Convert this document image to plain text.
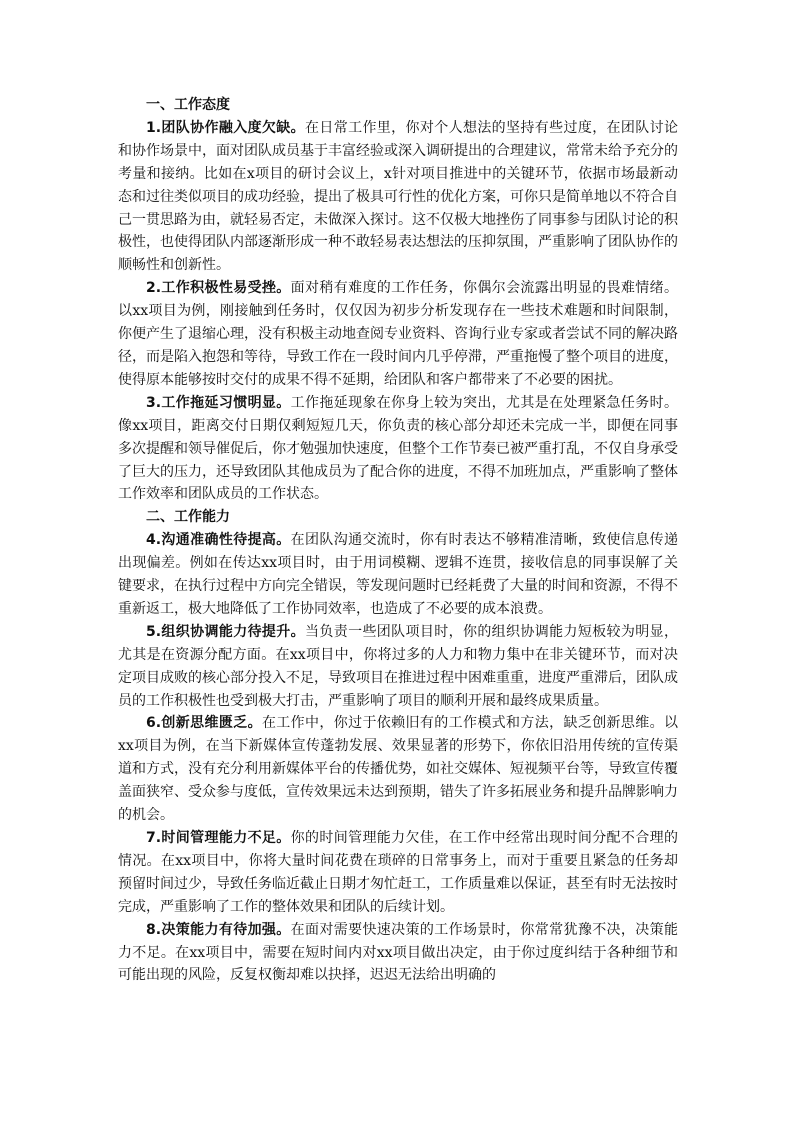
一、工作态度

1.团队协作融入度欠缺。在日常工作里，你对个人想法的坚持有些过度，在团队讨论和协作场景中，面对团队成员基于丰富经验或深入调研提出的合理建议，常常未给予充分的考量和接纳。比如在x项目的研讨会议上，x针对项目推进中的关键环节，依据市场最新动态和过往类似项目的成功经验，提出了极具可行性的优化方案，可你只是简单地以不符合自己一贯思路为由，就轻易否定，未做深入探讨。这不仅极大地挫伤了同事参与团队讨论的积极性，也使得团队内部逐渐形成一种不敢轻易表达想法的压抑氛围，严重影响了团队协作的顺畅性和创新性。

2.工作积极性易受挫。面对稍有难度的工作任务，你偶尔会流露出明显的畏难情绪。以xx项目为例，刚接触到任务时，仅仅因为初步分析发现存在一些技术难题和时间限制，你便产生了退缩心理，没有积极主动地查阅专业资料、咨询行业专家或者尝试不同的解决路径，而是陷入抱怨和等待，导致工作在一段时间内几乎停滞，严重拖慢了整个项目的进度，使得原本能够按时交付的成果不得不延期，给团队和客户都带来了不必要的困扰。

3.工作拖延习惯明显。工作拖延现象在你身上较为突出，尤其是在处理紧急任务时。像xx项目，距离交付日期仅剩短短几天，你负责的核心部分却还未完成一半，即便在同事多次提醒和领导催促后，你才勉强加快速度，但整个工作节奏已被严重打乱，不仅自身承受了巨大的压力，还导致团队其他成员为了配合你的进度，不得不加班加点，严重影响了整体工作效率和团队成员的工作状态。

二、工作能力

4.沟通准确性待提高。在团队沟通交流时，你有时表达不够精准清晰，致使信息传递出现偏差。例如在传达xx项目时，由于用词模糊、逻辑不连贯，接收信息的同事误解了关键要求，在执行过程中方向完全错误，等发现问题时已经耗费了大量的时间和资源，不得不重新返工，极大地降低了工作协同效率，也造成了不必要的成本浪费。

5.组织协调能力待提升。当负责一些团队项目时，你的组织协调能力短板较为明显，尤其是在资源分配方面。在xx项目中，你将过多的人力和物力集中在非关键环节，而对决定项目成败的核心部分投入不足，导致项目在推进过程中困难重重，进度严重滞后，团队成员的工作积极性也受到极大打击，严重影响了项目的顺利开展和最终成果质量。

6.创新思维匮乏。在工作中，你过于依赖旧有的工作模式和方法，缺乏创新思维。以xx项目为例，在当下新媒体宣传蓬勃发展、效果显著的形势下，你依旧沿用传统的宣传渠道和方式，没有充分利用新媒体平台的传播优势，如社交媒体、短视频平台等，导致宣传覆盖面狭窄、受众参与度低，宣传效果远未达到预期，错失了许多拓展业务和提升品牌影响力的机会。

7.时间管理能力不足。你的时间管理能力欠佳，在工作中经常出现时间分配不合理的情况。在xx项目中，你将大量时间花费在琐碎的日常事务上，而对于重要且紧急的任务却预留时间过少，导致任务临近截止日期才匆忙赶工，工作质量难以保证，甚至有时无法按时完成，严重影响了工作的整体效果和团队的后续计划。

8.决策能力有待加强。在面对需要快速决策的工作场景时，你常常犹豫不决，决策能力不足。在xx项目中，需要在短时间内对xx项目做出决定，由于你过度纠结于各种细节和可能出现的风险，反复权衡却难以抉择，迟迟无法给出明确的
